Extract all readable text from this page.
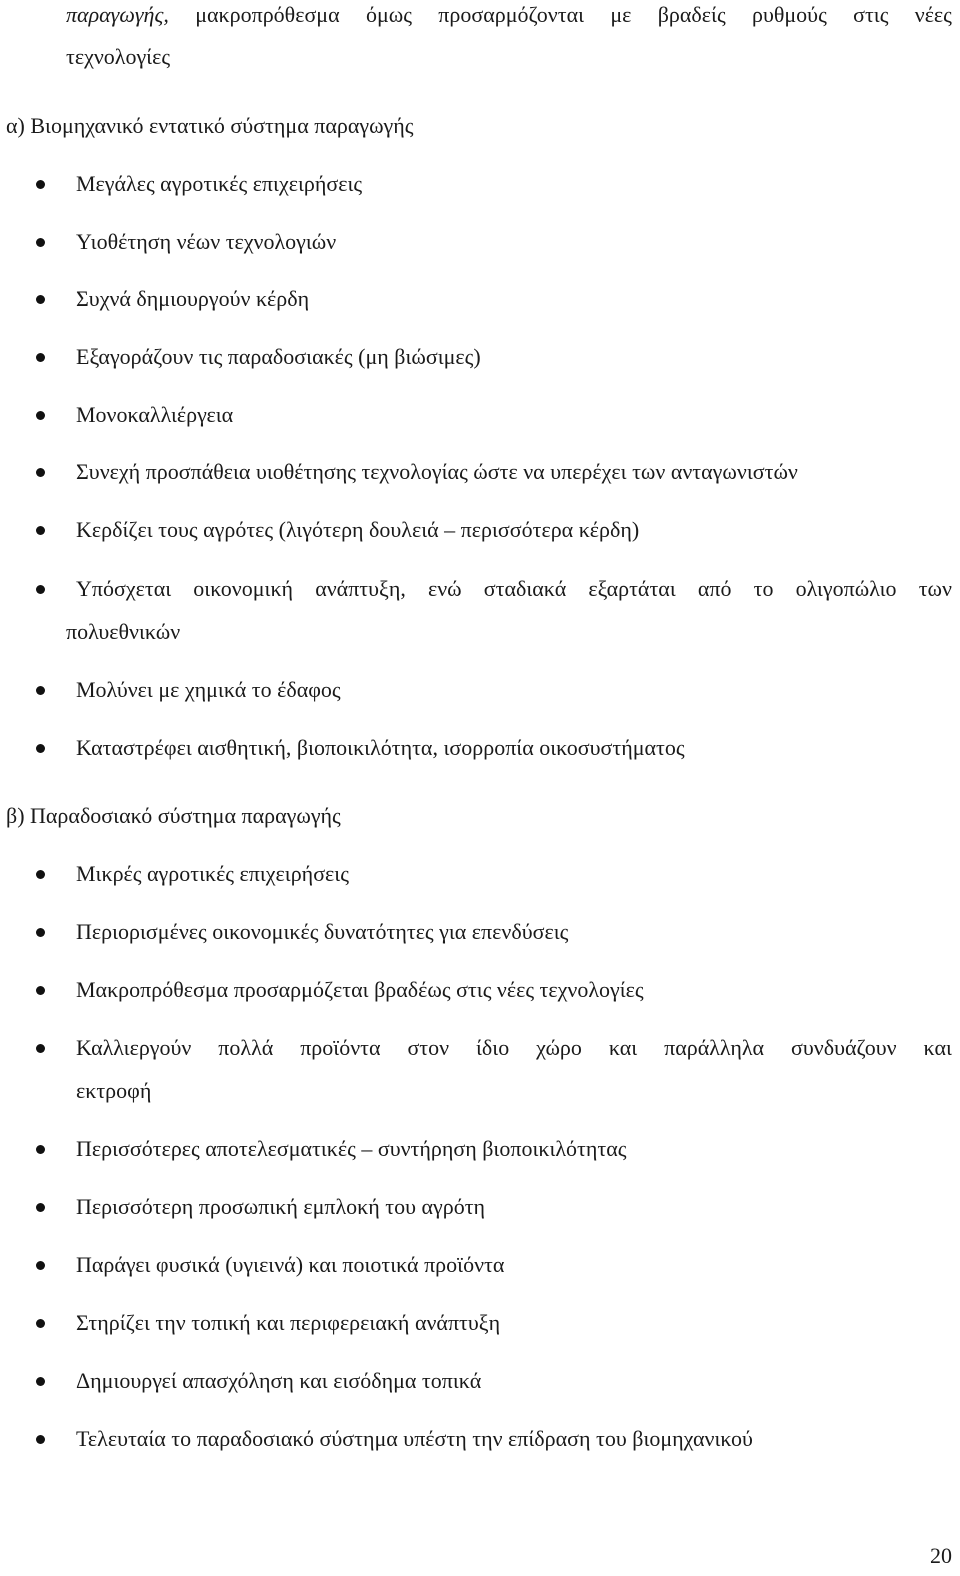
παραγωγής, μακροπρόθεσμα όμως προσαρμόζονται με βραδείς ρυθμούς στις νέες
τεχνολογίες
α) Βιομηχανικό εντατικό σύστημα παραγωγής
Μεγάλες αγροτικές επιχειρήσεις
Υιοθέτηση νέων τεχνολογιών
Συχνά δημιουργούν κέρδη
Εξαγοράζουν τις παραδοσιακές (μη βιώσιμες)
Μονοκαλλιέργεια
Συνεχή προσπάθεια υιοθέτησης τεχνολογίας ώστε να υπερέχει των ανταγωνιστών
Κερδίζει τους αγρότες (λιγότερη δουλειά – περισσότερα κέρδη)
Υπόσχεται οικονομική ανάπτυξη, ενώ σταδιακά εξαρτάται από το ολιγοπώλιο των
πολυεθνικών
Μολύνει με χημικά το έδαφος
Καταστρέφει αισθητική, βιοποικιλότητα, ισορροπία οικοσυστήματος
β) Παραδοσιακό σύστημα παραγωγής
Μικρές αγροτικές επιχειρήσεις
Περιορισμένες οικονομικές δυνατότητες για επενδύσεις
Μακροπρόθεσμα προσαρμόζεται βραδέως στις νέες τεχνολογίες
Καλλιεργούν πολλά προϊόντα στον ίδιο χώρο και παράλληλα συνδυάζουν και
εκτροφή
Περισσότερες αποτελεσματικές – συντήρηση βιοποικιλότητας
Περισσότερη προσωπική εμπλοκή του αγρότη
Παράγει φυσικά (υγιεινά) και ποιοτικά προϊόντα
Στηρίζει την τοπική και περιφερειακή ανάπτυξη
Δημιουργεί απασχόληση και εισόδημα τοπικά
Τελευταία το παραδοσιακό σύστημα υπέστη την επίδραση του βιομηχανικού
20
